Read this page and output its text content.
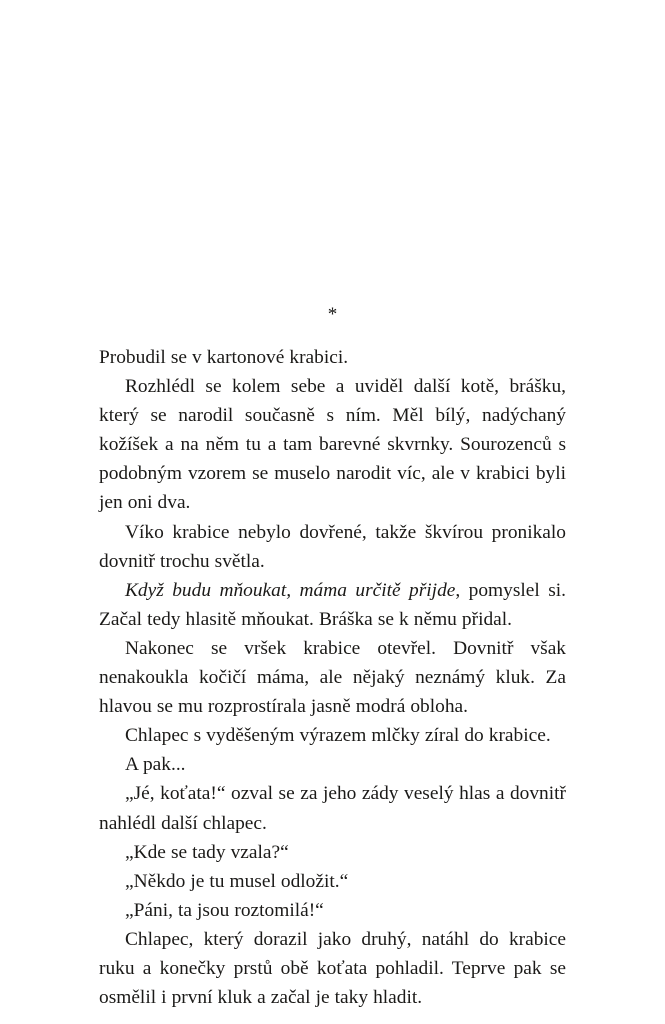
*

Probudil se v kartonové krabici.

Rozhlédl se kolem sebe a uviděl další kotě, brášku, který se narodil současně s ním. Měl bílý, nadýchaný kožíšek a na něm tu a tam barevné skvrnky. Sourozenců s podobným vzorem se muselo narodit víc, ale v krabici byli jen oni dva.

Víko krabice nebylo dovřené, takže škvírou pronikalo dovnitř trochu světla.

Když budu mňoukat, máma určitě přijde, pomyslel si. Začal tedy hlasitě mňoukat. Bráška se k němu přidal.

Nakonec se vršek krabice otevřel. Dovnitř však nenakoukla kočičí máma, ale nějaký neznámý kluk. Za hlavou se mu rozprostírala jasně modrá obloha.

Chlapec s vyděšeným výrazem mlčky zíral do krabice.

A pak...

„Jé, koťata!“ ozval se za jeho zády veselý hlas a dovnitř nahlédl další chlapec.

„Kde se tady vzala?“

„Někdo je tu musel odložit.“

„Páni, ta jsou roztomilá!“

Chlapec, který dorazil jako druhý, natáhl do krabice ruku a konečky prstů obě koťata pohladil. Teprve pak se osmělil i první kluk a začal je taky hladit.
